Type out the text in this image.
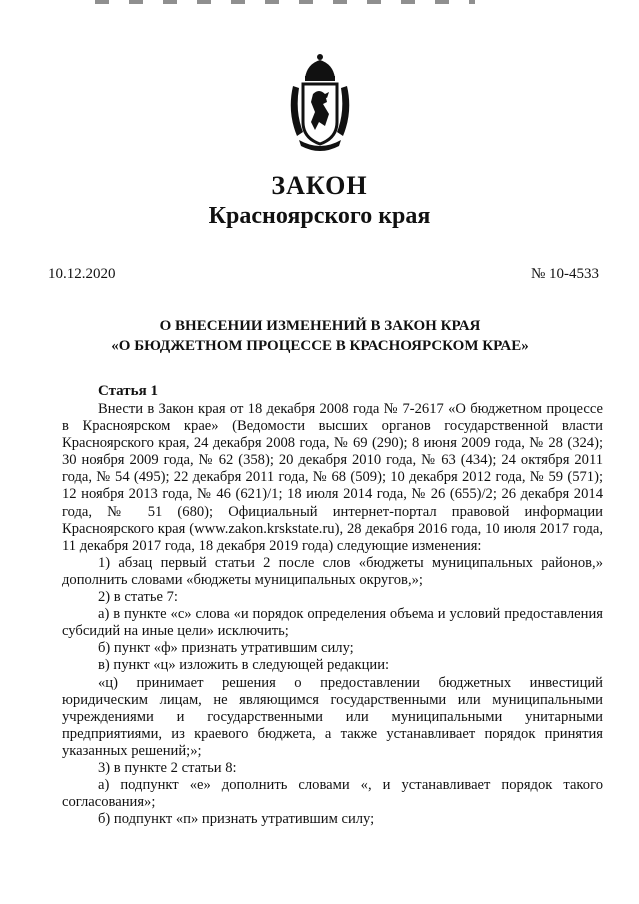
ЗАКОН
Красноярского края
10.12.2020	№ 10-4533
О ВНЕСЕНИИ ИЗМЕНЕНИЙ В ЗАКОН КРАЯ
«О БЮДЖЕТНОМ ПРОЦЕССЕ В КРАСНОЯРСКОМ КРАЕ»
Статья 1

Внести в Закон края от 18 декабря 2008 года № 7-2617 «О бюджетном процессе в Красноярском крае» (Ведомости высших органов государственной власти Красноярского края, 24 декабря 2008 года, № 69 (290); 8 июня 2009 года, № 28 (324); 30 ноября 2009 года, № 62 (358); 20 декабря 2010 года, № 63 (434); 24 октября 2011 года, № 54 (495); 22 декабря 2011 года, № 68 (509); 10 декабря 2012 года, № 59 (571); 12 ноября 2013 года, № 46 (621)/1; 18 июля 2014 года, № 26 (655)/2; 26 декабря 2014 года, № 51 (680); Официальный интернет-портал правовой информации Красноярского края (www.zakon.krskstate.ru), 28 декабря 2016 года, 10 июля 2017 года, 11 декабря 2017 года, 18 декабря 2019 года) следующие изменения:

1) абзац первый статьи 2 после слов «бюджеты муниципальных районов,» дополнить словами «бюджеты муниципальных округов,»;

2) в статье 7:

а) в пункте «с» слова «и порядок определения объема и условий предоставления субсидий на иные цели» исключить;

б) пункт «ф» признать утратившим силу;

в) пункт «ц» изложить в следующей редакции:

«ц) принимает решения о предоставлении бюджетных инвестиций юридическим лицам, не являющимся государственными или муниципальными учреждениями и государственными или муниципальными унитарными предприятиями, из краевого бюджета, а также устанавливает порядок принятия указанных решений;»;

3) в пункте 2 статьи 8:

а) подпункт «е» дополнить словами «, и устанавливает порядок такого согласования»;

б) подпункт «п» признать утратившим силу;
